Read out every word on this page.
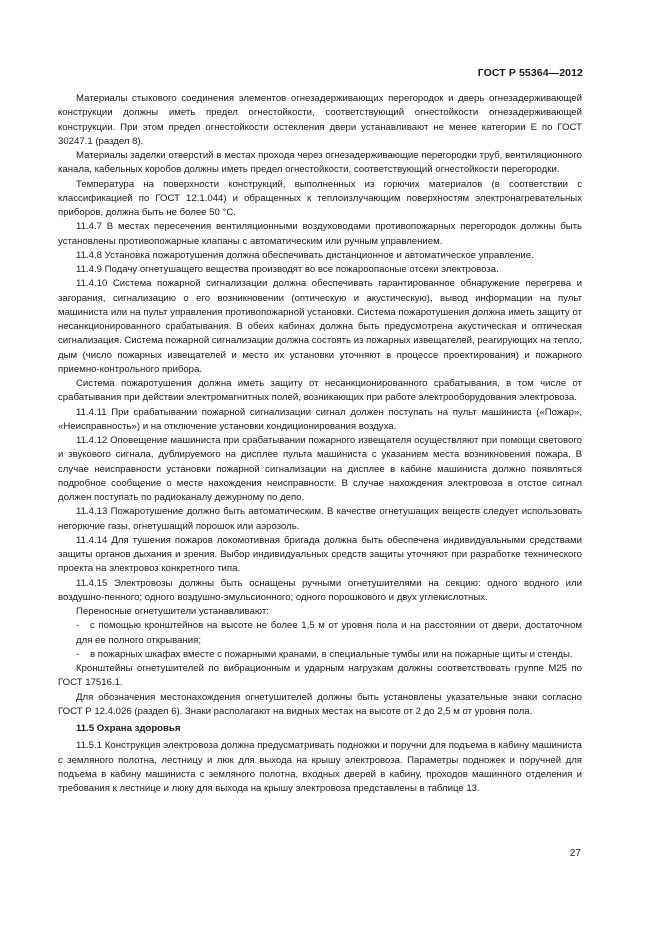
ГОСТ Р 55364—2012

Материалы стыкового соединения элементов огнезадерживающих перегородок и дверь огнезадерживающей конструкции должны иметь предел огнестойкости, соответствующий огнестойкости огнезадерживающей конструкции. При этом предел огнестойкости остекления двери устанавливают не менее категории Е по ГОСТ 30247.1 (раздел 8).

Материалы заделки отверстий в местах прохода через огнезадерживающие перегородки труб, вентиляционного канала, кабельных коробов должны иметь предел огнестойкости, соответствующий огнестойкости перегородки.

Температура на поверхности конструкций, выполненных из горючих материалов (в соответствии с классификацией по ГОСТ 12.1.044) и обращенных к теплоизлучающим поверхностям электронагревательных приборов, должна быть не более 50 °С.

11.4.7 В местах пересечения вентиляционными воздуховодами противопожарных перегородок должны быть установлены противопожарные клапаны с автоматическим или ручным управлением.

11.4.8 Установка пожаротушения должна обеспечивать дистанционное и автоматическое управление.

11.4.9 Подачу огнетушащего вещества производят во все пожароопасные отсеки электровоза.

11.4.10 Система пожарной сигнализации должна обеспечивать гарантированное обнаружение перегрева и загорания, сигнализацию о его возникновении (оптическую и акустическую), вывод информации на пульт машиниста или на пульт управления противопожарной установки. Система пожаротушения должна иметь защиту от несанкционированного срабатывания. В обеих кабинах должна быть предусмотрена акустическая и оптическая сигнализация. Система пожарной сигнализации должна состоять из пожарных извещателей, реагирующих на тепло, дым (число пожарных извещателей и место их установки уточняют в процессе проектирования) и пожарного приемно-контрольного прибора.

Система пожаротушения должна иметь защиту от несанкционированного срабатывания, в том числе от срабатывания при действии электромагнитных полей, возникающих при работе электрооборудования электровоза.

11.4.11 При срабатывании пожарной сигнализации сигнал должен поступать на пульт машиниста («Пожар», «Неисправность») и на отключение установки кондиционирования воздуха.

11.4.12 Оповещение машиниста при срабатывании пожарного извещателя осуществляют при помощи светового и звукового сигнала, дублируемого на дисплее пульта машиниста с указанием места возникновения пожара. В случае неисправности установки пожарной сигнализации на дисплее в кабине машиниста должно появляться подробное сообщение о месте нахождения неисправности. В случае нахождения электровоза в отстое сигнал должен поступать по радиоканалу дежурному по депо.

11.4.13 Пожаротушение должно быть автоматическим. В качестве огнетушащих веществ следует использовать негорючие газы, огнетушащий порошок или аэрозоль.

11.4.14 Для тушения пожаров локомотивная бригада должна быть обеспечена индивидуальными средствами защиты органов дыхания и зрения. Выбор индивидуальных средств защиты уточняют при разработке технического проекта на электровоз конкретного типа.

11.4.15 Электровозы должны быть оснащены ручными огнетушителями на секцию: одного водного или воздушно-пенного; одного воздушно-эмульсионного; одного порошкового и двух углекислотных.

Переносные огнетушители устанавливают:

- с помощью кронштейнов на высоте не более 1,5 м от уровня пола и на расстоянии от двери, достаточном для ее полного открывания;

- в пожарных шкафах вместе с пожарными кранами, в специальные тумбы или на пожарные щиты и стенды.

Кронштейны огнетушителей по вибрационным и ударным нагрузкам должны соответствовать группе М25 по ГОСТ 17516.1.

Для обозначения местонахождения огнетушителей должны быть установлены указательные знаки согласно ГОСТ Р 12.4.026 (раздел 6). Знаки располагают на видных местах на высоте от 2 до 2,5 м от уровня пола.

11.5 Охрана здоровья

11.5.1 Конструкция электровоза должна предусматривать подножки и поручни для подъема в кабину машиниста с земляного полотна, лестницу и люк для выхода на крышу электровоза. Параметры подножек и поручней для подъема в кабину машиниста с земляного полотна, входных дверей в кабину, проходов машинного отделения и требования к лестнице и люку для выхода на крышу электровоза представлены в таблице 13.

27
